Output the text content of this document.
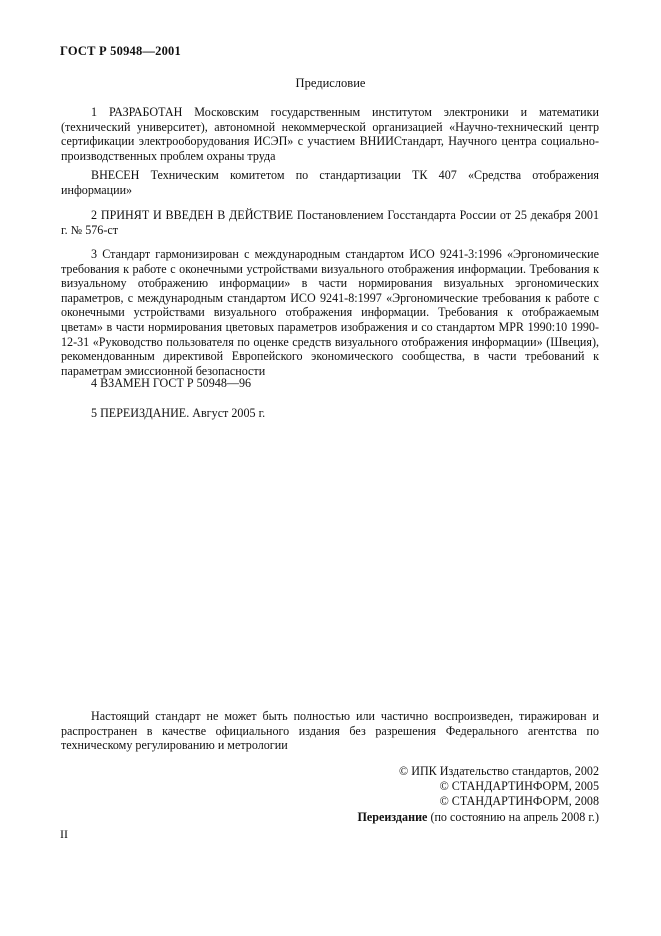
ГОСТ Р 50948—2001
Предисловие

1 РАЗРАБОТАН Московским государственным институтом электроники и математики (технический университет), автономной некоммерческой организацией «Научно-технический центр сертификации электрооборудования ИСЭП» с участием ВНИИСтандарт, Научного центра социально-производственных проблем охраны труда

ВНЕСЕН Техническим комитетом по стандартизации ТК 407 «Средства отображения информации»

2 ПРИНЯТ И ВВЕДЕН В ДЕЙСТВИЕ Постановлением Госстандарта России от 25 декабря 2001 г. № 576-ст

3 Стандарт гармонизирован с международным стандартом ИСО 9241-3:1996 «Эргономические требования к работе с оконечными устройствами визуального отображения информации. Требования к визуальному отображению информации» в части нормирования визуальных эргономических параметров, с международным стандартом ИСО 9241-8:1997 «Эргономические требования к работе с оконечными устройствами визуального отображения информации. Требования к отображаемым цветам» в части нормирования цветовых параметров изображения и со стандартом MPR 1990:10 1990-12-31 «Руководство пользователя по оценке средств визуального отображения информации» (Швеция), рекомендованным директивой Европейского экономического сообщества, в части требований к параметрам эмиссионной безопасности

4 ВЗАМЕН ГОСТ Р 50948—96

5 ПЕРЕИЗДАНИЕ. Август 2005 г.

Настоящий стандарт не может быть полностью или частично воспроизведен, тиражирован и распространен в качестве официального издания без разрешения Федерального агентства по техническому регулированию и метрологии
© ИПК Издательство стандартов, 2002
© СТАНДАРТИНФОРМ, 2005
© СТАНДАРТИНФОРМ, 2008
Переиздание (по состоянию на апрель 2008 г.)
II
